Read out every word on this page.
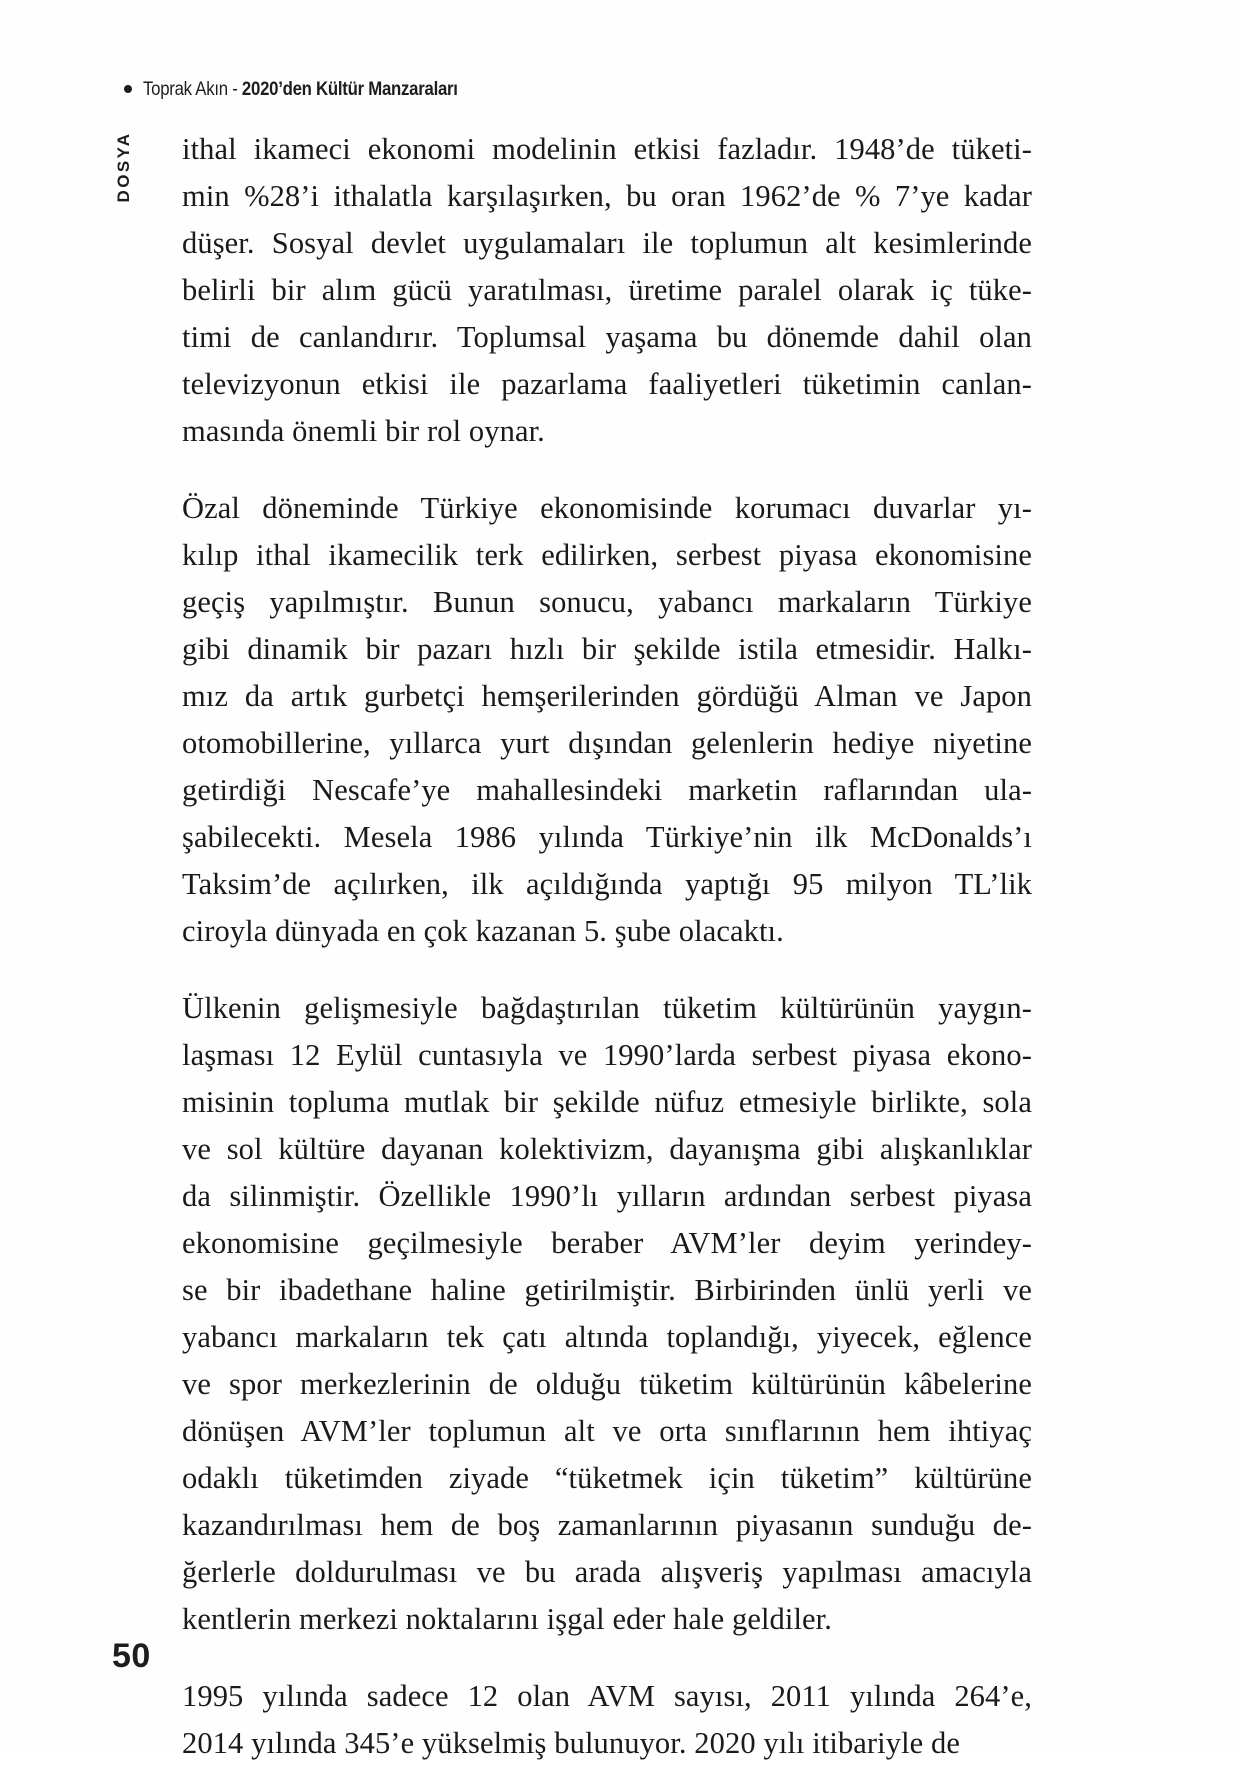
Toprak Akın - 2020’den Kültür Manzaraları
DOSYA ithal ikameci ekonomi modelinin etkisi fazladır. 1948’de tüketi-
min %28’i ithalatla karşılaşırken, bu oran 1962’de % 7’ye kadar
düşer. Sosyal devlet uygulamaları ile toplumun alt kesimlerinde
belirli bir alım gücü yaratılması, üretime paralel olarak iç tüke-
timi de canlandırır. Toplumsal yaşama bu dönemde dahil olan
televizyonun etkisi ile pazarlama faaliyetleri tüketimin canlan-
masında önemli bir rol oynar.

Özal döneminde Türkiye ekonomisinde korumacı duvarlar yı-
kılıp ithal ikamecilik terk edilirken, serbest piyasa ekonomisine
geçiş yapılmıştır. Bunun sonucu, yabancı markaların Türkiye
gibi dinamik bir pazarı hızlı bir şekilde istila etmesidir. Halkı-
mız da artık gurbetçi hemşerilerinden gördüğü Alman ve Japon
otomobillerine, yıllarca yurt dışından gelenlerin hediye niyetine
getirdiği Nescafe’ye mahallesindeki marketin raflarından ula-
şabilecekti. Mesela 1986 yılında Türkiye’nin ilk McDonalds’ı
Taksim’de açılırken, ilk açıldığında yaptığı 95 milyon TL’lik
ciroyla dünyada en çok kazanan 5. şube olacaktı.

Ülkenin gelişmesiyle bağdaştırılan tüketim kültürünün yaygın-
laşması 12 Eylül cuntasıyla ve 1990’larda serbest piyasa ekono-
misinin topluma mutlak bir şekilde nüfuz etmesiyle birlikte, sola
ve sol kültüre dayanan kolektivizm, dayanışma gibi alışkanlıklar
da silinmiştir. Özellikle 1990’lı yılların ardından serbest piyasa
ekonomisine geçilmesiyle beraber AVM’ler deyim yerindey-
se bir ibadethane haline getirilmiştir. Birbirinden ünlü yerli ve
yabancı markaların tek çatı altında toplandığı, yiyecek, eğlence
ve spor merkezlerinin de olduğu tüketim kültürünün kâbelerine
dönüşen AVM’ler toplumun alt ve orta sınıflarının hem ihtiyaç
odaklı tüketimden ziyade “tüketmek için tüketim” kültürüne
kazandırılması hem de boş zamanlarının piyasanın sunduğu de-
ğerlerle doldurulması ve bu arada alışveriş yapılması amacıyla
kentlerin merkezi noktalarını işgal eder hale geldiler.

1995 yılında sadece 12 olan AVM sayısı, 2011 yılında 264’e,
2014 yılında 345’e yükselmiş bulunuyor. 2020 yılı itibariyle de

50
